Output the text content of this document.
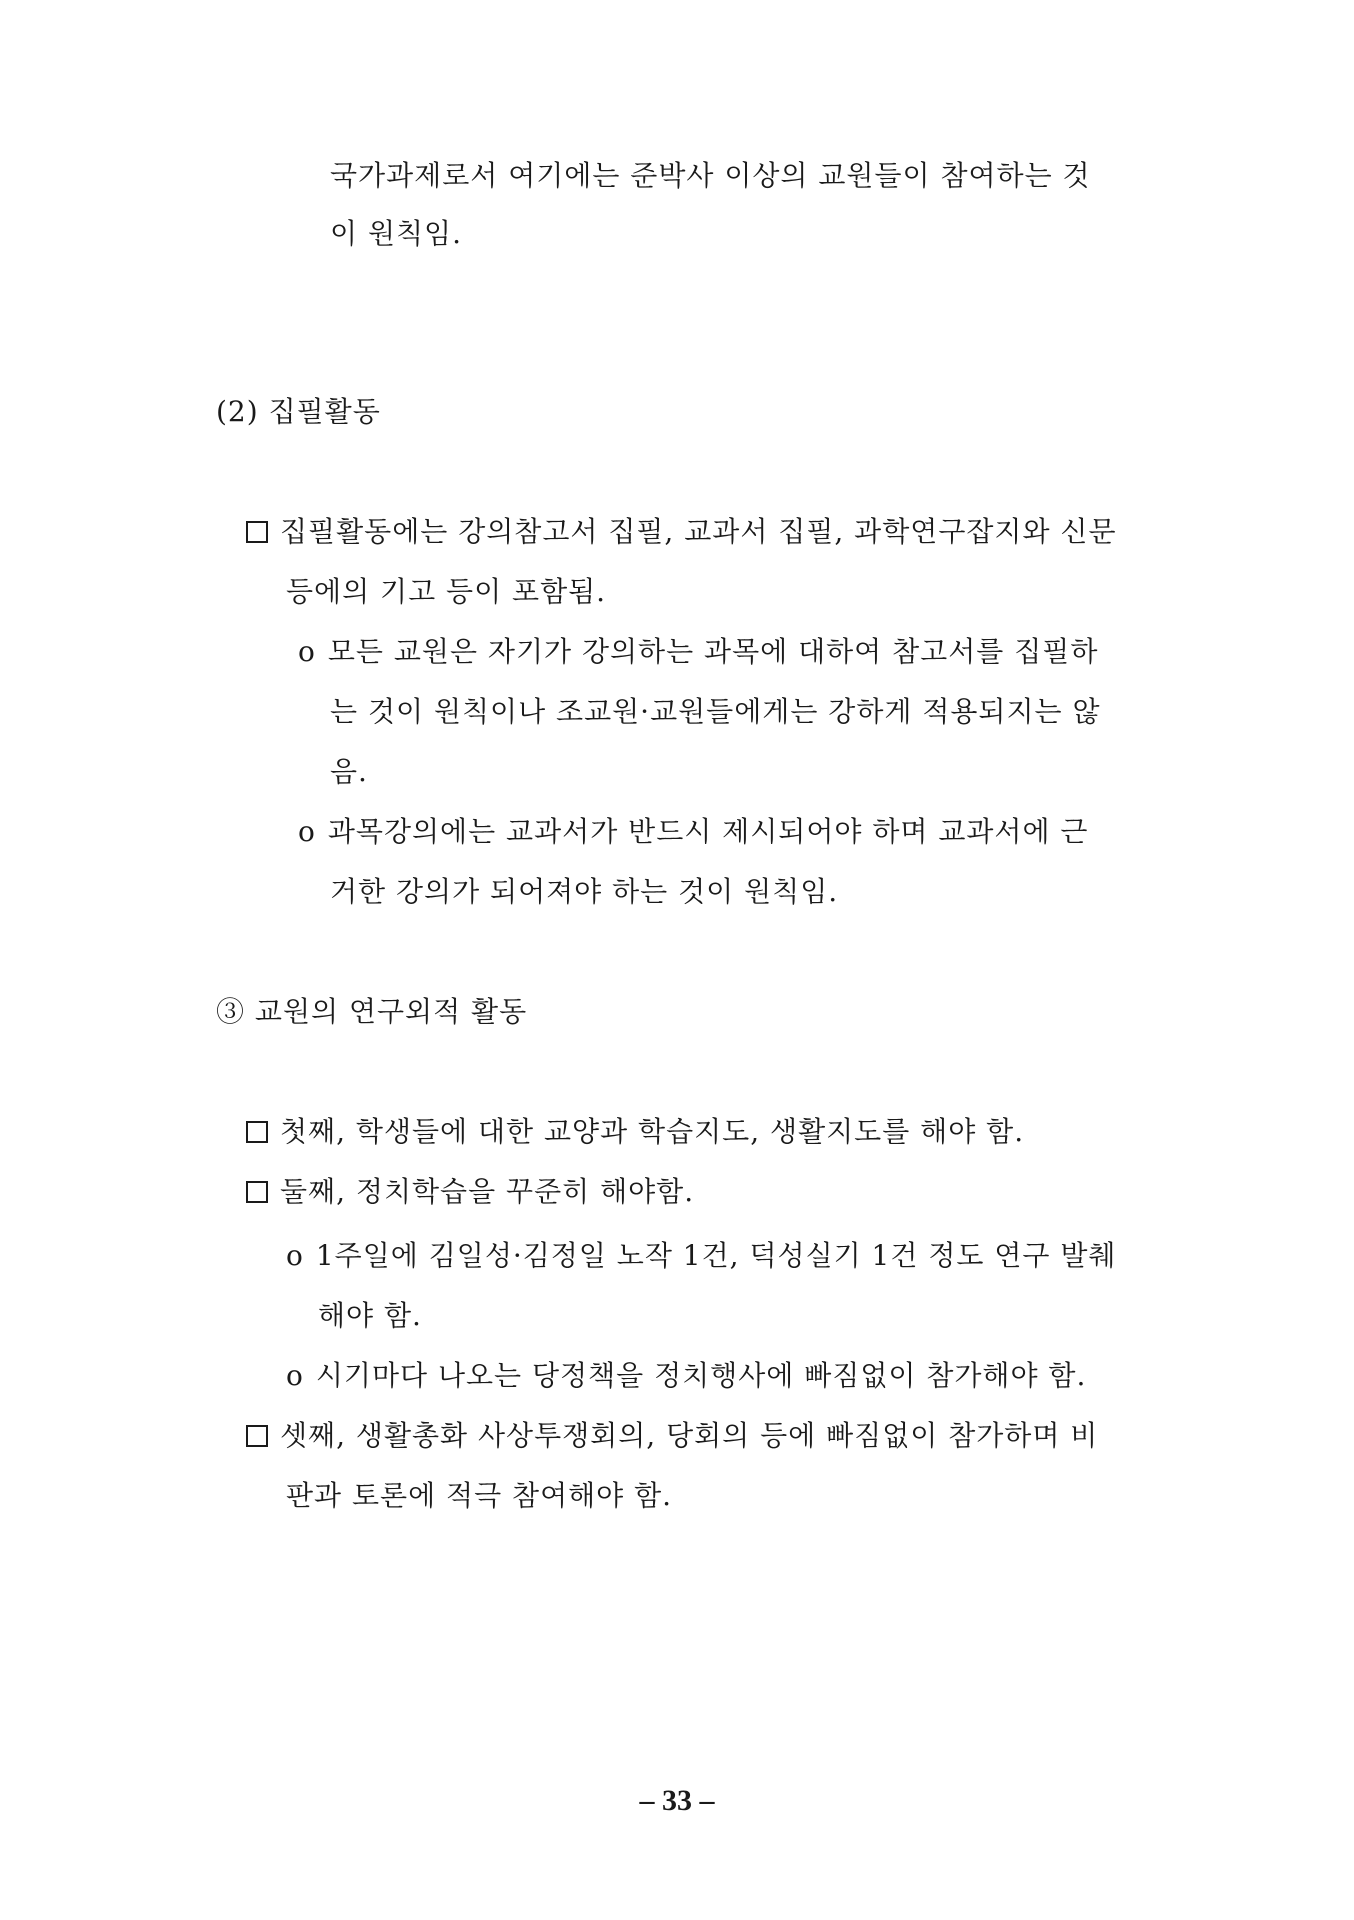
국가과제로서 여기에는 준박사 이상의 교원들이 참여하는 것
이 원칙임.
(2) 집필활동
집필활동에는 강의참고서 집필, 교과서 집필, 과학연구잡지와 신문
등에의 기고 등이 포함됨.
o 모든 교원은 자기가 강의하는 과목에 대하여 참고서를 집필하
는 것이 원칙이나 조교원·교원들에게는 강하게 적용되지는 않
음.
o 과목강의에는 교과서가 반드시 제시되어야 하며 교과서에 근
거한 강의가 되어져야 하는 것이 원칙임.
③ 교원의 연구외적 활동
첫째, 학생들에 대한 교양과 학습지도, 생활지도를 해야 함.
둘째, 정치학습을 꾸준히 해야함.
o 1주일에 김일성·김정일 노작 1건, 덕성실기 1건 정도 연구 발췌
해야 함.
o 시기마다 나오는 당정책을 정치행사에 빠짐없이 참가해야 함.
셋째, 생활총화 사상투쟁회의, 당회의 등에 빠짐없이 참가하며 비
판과 토론에 적극 참여해야 함.
– 33 –
